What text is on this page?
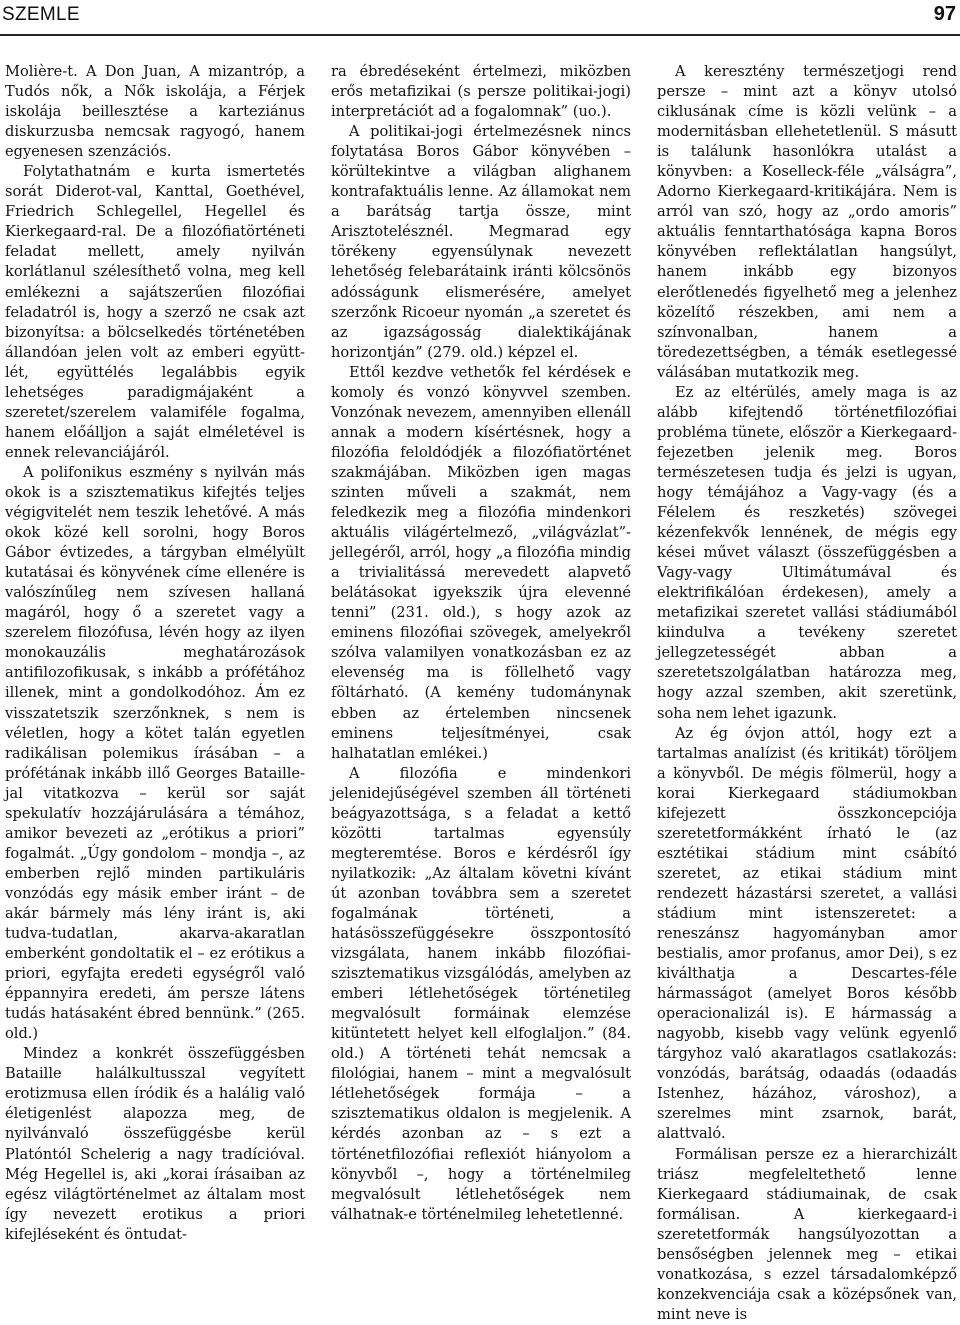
SZEMLE	97

Molière-t. A Don Juan, A mizantróp, a Tudós nők, a Nők iskolája, a Férjek iskolája beillesztése a karteziánus diskurzusba nemcsak ragyogó, hanem egyenesen szenzációs.

Folytathatnám e kurta ismertetés sorát Diderot-val, Kanttal, Goethével, Friedrich Schlegellel, Hegellel és Kierkegaard-ral. De a filozófiatörténeti feladat mellett, amely nyilván korlátlanul szélesíthető volna, meg kell emlékezni a sajátszerűen filozófiai feladatról is, hogy a szerző ne csak azt bizonyítsa: a bölcselkedés történetében állandóan jelen volt az emberi együtt-lét, együttélés legalábbis egyik lehetséges paradigmájaként a szeretet/szerelem valamiféle fogalma, hanem előálljon a saját elméletével is ennek relevanciájáról.

A polifonikus eszmény s nyilván más okok is a szisztematikus kifejtés teljes végigvitelét nem teszik lehetővé. A más okok közé kell sorolni, hogy Boros Gábor évtizedes, a tárgyban elmélyült kutatásai és könyvének címe ellenére is valószínűleg nem szívesen hallaná magáról, hogy ő a szeretet vagy a szerelem filozófusa, lévén hogy az ilyen monokauzális meghatározások antifilozofikusak, s inkább a prófétához illenek, mint a gondolkodóhoz. Ám ez visszatetszik szerzőnknek, s nem is véletlen, hogy a kötet talán egyetlen radikálisan polemikus írásában – a prófétának inkább illő Georges Bataille-jal vitatkozva – kerül sor saját spekulatív hozzájárulására a témához, amikor bevezeti az „erótikus a priori” fogalmát. „Úgy gondolom – mondja –, az emberben rejlő minden partikuláris vonzódás egy másik ember iránt – de akár bármely más lény iránt is, aki tudva-tudatlan, akarva-akaratlan emberként gondoltatik el – ez erótikus a priori, egyfajta eredeti egységről való éppannyira eredeti, ám persze látens tudás hatásaként ébred bennünk.” (265. old.)

Mindez a konkrét összefüggésben Bataille halálkultusszal vegyített erotizmusa ellen íródik és a halálig való életigenlést alapozza meg, de nyilvánvaló összefüggésbe kerül Platóntól Schelerig a nagy tradícióval. Még Hegellel is, aki „korai írásaiban az egész világtörténelmet az általam most így nevezett erotikus a priori kifejléseként és öntudat-

ra ébredéseként értelmezi, miközben erős metafizikai (s persze politikai-jogi) interpretációt ad a fogalomnak” (uo.).

A politikai-jogi értelmezésnek nincs folytatása Boros Gábor könyvében – körültekintve a világban alighanem kontrafaktuális lenne. Az államokat nem a barátság tartja össze, mint Arisztotelésznél. Megmarad egy törékeny egyensúlynak nevezett lehetőség felebarátaink iránti kölcsönös adósságunk elismerésére, amelyet szerzőnk Ricoeur nyomán „a szeretet és az igazságosság dialektikájának horizontján” (279. old.) képzel el.

Ettől kezdve vethetők fel kérdések e komoly és vonzó könyvvel szemben. Vonzónak nevezem, amennyiben ellenáll annak a modern kísértésnek, hogy a filozófia feloldódjék a filozófiatörténet szakmájában. Miközben igen magas szinten műveli a szakmát, nem feledkezik meg a filozófia mindenkori aktuális világértelmező, „világvázlat”-jellegéről, arról, hogy „a filozófia mindig a trivialitássá merevedett alapvető belátásokat igyekszik újra elevenné tenni” (231. old.), s hogy azok az eminens filozófiai szövegek, amelyekről szólva valamilyen vonatkozásban ez az elevenség ma is föllelhető vagy föltárható. (A kemény tudománynak ebben az értelemben nincsenek eminens teljesítményei, csak halhatatlan emlékei.)

A filozófia e mindenkori jelenidejűségével szemben áll történeti beágyazottsága, s a feladat a kettő közötti tartalmas egyensúly megteremtése. Boros e kérdésről így nyilatkozik: „Az általam követni kívánt út azonban továbbra sem a szeretet fogalmának történeti, a hatásösszefüggésekre összpontosító vizsgálata, hanem inkább filozófiai-szisztematikus vizsgálódás, amelyben az emberi létlehetőségek történetileg megvalósult formáinak elemzése kitüntetett helyet kell elfoglaljon.” (84. old.) A történeti tehát nemcsak a filológiai, hanem – mint a megvalósult létlehetőségek formája – a szisztematikus oldalon is megjelenik. A kérdés azonban az – s ezt a történetfilozófiai reflexiót hiányolom a könyvből –, hogy a történelmileg megvalósult létlehetőségek nem válhatnak-e történelmileg lehetetlenné.

A keresztény természetjogi rend persze – mint azt a könyv utolsó ciklusának címe is közli velünk – a modernitásban ellehetetlenül. S másutt is találunk hasonlókra utalást a könyvben: a Koselleck-féle „válságra”, Adorno Kierkegaard-kritikájára. Nem is arról van szó, hogy az „ordo amoris” aktuális fenntarthatósága kapna Boros könyvében reflektálatlan hangsúlyt, hanem inkább egy bizonyos elerőtlenedés figyelhető meg a jelenhez közelítő részekben, ami nem a színvonalban, hanem a töredezettségben, a témák esetlegessé válásában mutatkozik meg.

Ez az eltérülés, amely maga is az alább kifejtendő történetfilozófiai probléma tünete, először a Kierkegaard-fejezetben jelenik meg. Boros természetesen tudja és jelzi is ugyan, hogy témájához a Vagy-vagy (és a Félelem és reszketés) szövegei kézenfekvők lennének, de mégis egy kései művet választ (összefüggésben a Vagy-vagy Ultimátumával és elektrifikálóan érdekesen), amely a metafizikai szeretet vallási stádiumából kiindulva a tevékeny szeretet jellegzetességét abban a szeretetszolgálatban határozza meg, hogy azzal szemben, akit szeretünk, soha nem lehet igazunk.

Az ég óvjon attól, hogy ezt a tartalmas analízist (és kritikát) töröljem a könyvből. De mégis fölmerül, hogy a korai Kierkegaard stádiumokban kifejezett összkoncepciója szeretetformákként írható le (az esztétikai stádium mint csábító szeretet, az etikai stádium mint rendezett házastársi szeretet, a vallási stádium mint istenszeretet: a reneszánsz hagyományban amor bestialis, amor profanus, amor Dei), s ez kiválthatja a Descartes-féle hármasságot (amelyet Boros később operacionalizál is). E hármasság a nagyobb, kisebb vagy velünk egyenlő tárgyhoz való akaratlagos csatlakozás: vonzódás, barátság, odaadás (odaadás Istenhez, házához, városhoz), a szerelmes mint zsarnok, barát, alattvaló.

Formálisan persze ez a hierarchizált triász megfeleltethető lenne Kierkegaard stádiumainak, de csak formálisan. A kierkegaard-i szeretetformák hangsúlyozottan a bensőségben jelennek meg – etikai vonatkozása, s ezzel társadalomképző konzekvenciája csak a középsőnek van, mint neve is
